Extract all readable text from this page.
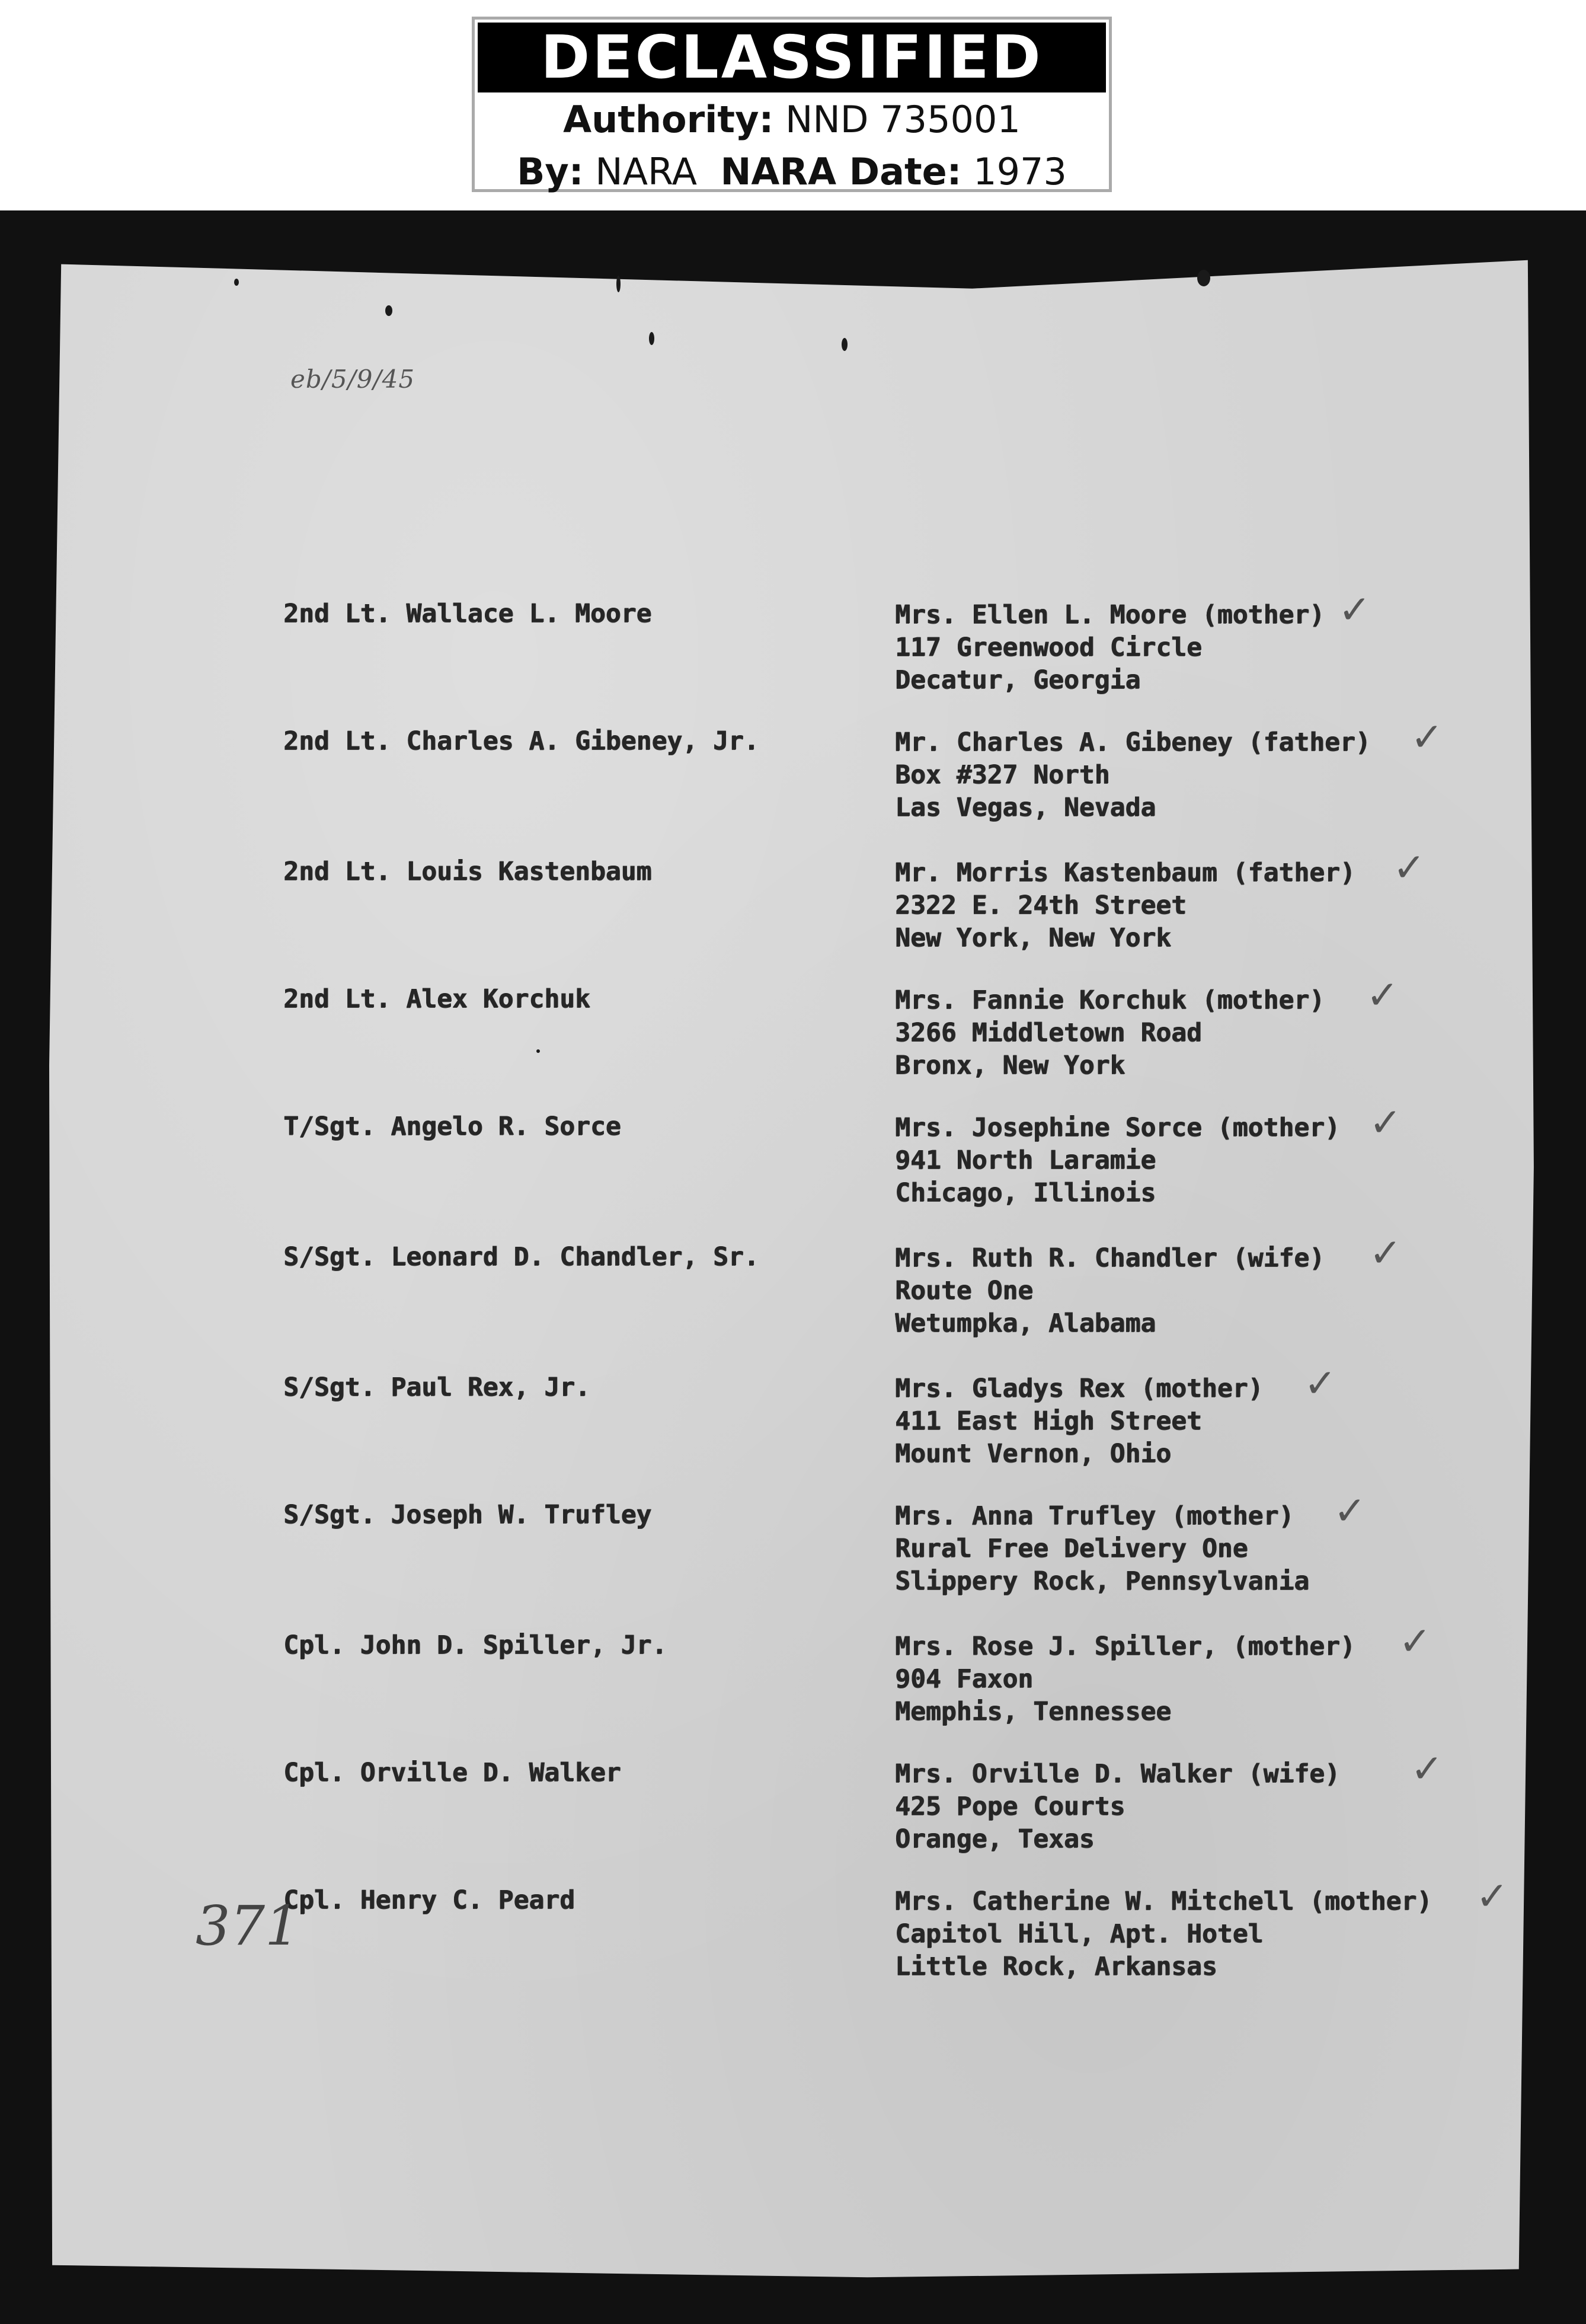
DECLASSIFIED
Authority: NND 735001
By: NARA NARA Date: 1973
eb/5/9/45
2nd Lt. Wallace L. Moore	Mrs. Ellen L. Moore (mother)
117 Greenwood Circle
Decatur, Georgia
✓
2nd Lt. Charles A. Gibeney, Jr.	Mr. Charles A. Gibeney (father)
Box #327 North
Las Vegas, Nevada
✓
2nd Lt. Louis Kastenbaum	Mr. Morris Kastenbaum (father)
2322 E. 24th Street
New York, New York
✓
2nd Lt. Alex Korchuk	Mrs. Fannie Korchuk (mother)
3266 Middletown Road
Bronx, New York
✓
T/Sgt. Angelo R. Sorce	Mrs. Josephine Sorce (mother)
941 North Laramie
Chicago, Illinois
✓
S/Sgt. Leonard D. Chandler, Sr.	Mrs. Ruth R. Chandler (wife)
Route One
Wetumpka, Alabama
✓
S/Sgt. Paul Rex, Jr.	Mrs. Gladys Rex (mother)
411 East High Street
Mount Vernon, Ohio
✓
S/Sgt. Joseph W. Trufley	Mrs. Anna Trufley (mother)
Rural Free Delivery One
Slippery Rock, Pennsylvania
✓
Cpl. John D. Spiller, Jr.	Mrs. Rose J. Spiller, (mother)
904 Faxon
Memphis, Tennessee
✓
Cpl. Orville D. Walker	Mrs. Orville D. Walker (wife)
425 Pope Courts
Orange, Texas
✓
Cpl. Henry C. Peard	Mrs. Catherine W. Mitchell (mother)
Capitol Hill, Apt. Hotel
Little Rock, Arkansas
✓
371
